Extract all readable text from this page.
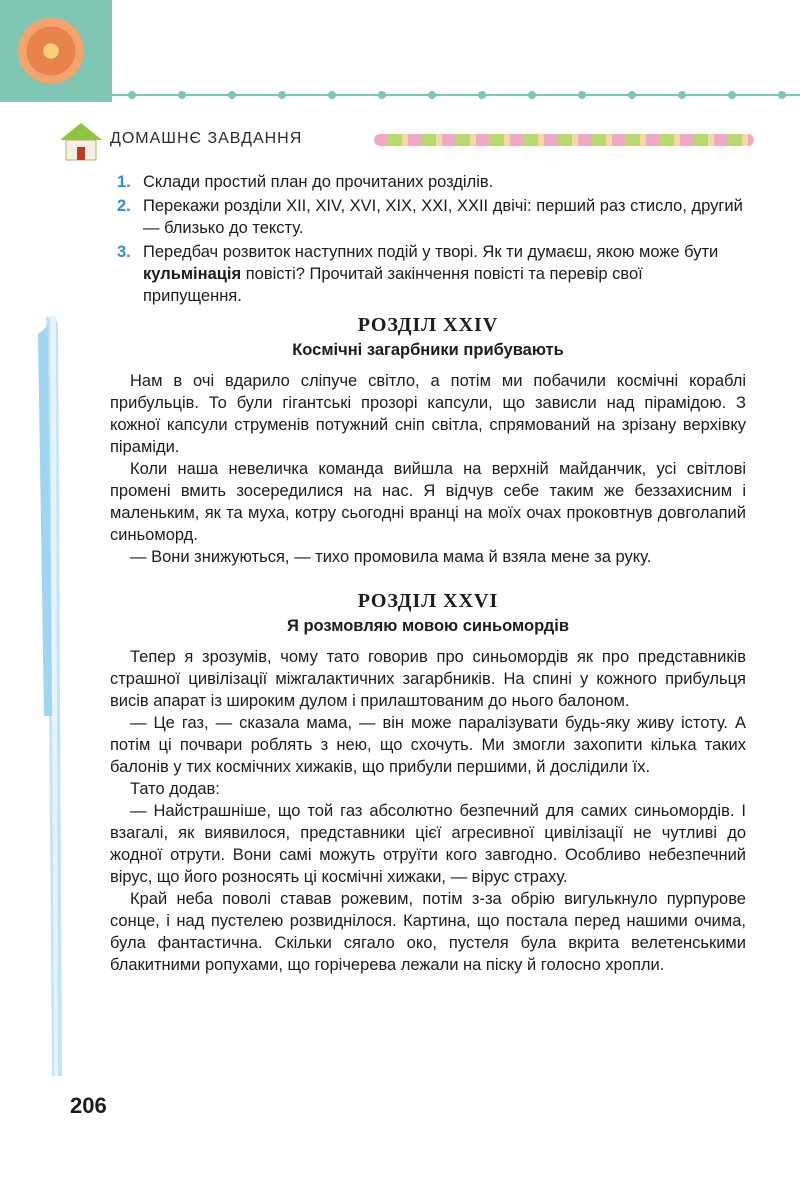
ДОМАШНЄ ЗАВДАННЯ
1. Склади простий план до прочитаних розділів.
2. Перекажи розділи XII, XIV, XVI, XIX, XXI, XXII двічі: перший раз стисло, другий — близько до тексту.
3. Передбач розвиток наступних подій у творі. Як ти думаєш, якою може бути кульмінація повісті? Прочитай закінчення повісті та перевір свої припущення.
РОЗДІЛ XXIV
Космічні загарбники прибувають

Нам в очі вдарило сліпуче світло, а потім ми побачили космічні кораблі прибульців. То були гігантські прозорі капсули, що зависли над пірамідою. З кожної капсули струменів потужний сніп світла, спрямований на зрізану верхівку піраміди.

Коли наша невеличка команда вийшла на верхній майданчик, усі світлові промені вмить зосередилися на нас. Я відчув себе таким же беззахисним і маленьким, як та муха, котру сьогодні вранці на моїх очах проковтнув довголапий синьоморд.

— Вони знижуються, — тихо промовила мама й взяла мене за руку.

РОЗДІЛ XXVI
Я розмовляю мовою синьомордів

Тепер я зрозумів, чому тато говорив про синьомордів як про представників страшної цивілізації міжгалактичних загарбників. На спині у кожного прибульця висів апарат із широким дулом і прилаштованим до нього балоном.

— Це газ, — сказала мама, — він може паралізувати будь-яку живу істоту. А потім ці почвари роблять з нею, що схочуть. Ми змогли захопити кілька таких балонів у тих космічних хижаків, що прибули першими, й дослідили їх.

Тато додав:

— Найстрашніше, що той газ абсолютно безпечний для самих синьомордів. І взагалі, як виявилося, представники цієї агресивної цивілізації не чутливі до жодної отрути. Вони самі можуть отруїти кого завгодно. Особливо небезпечний вірус, що його розносять ці космічні хижаки, — вірус страху.

Край неба поволі ставав рожевим, потім з-за обрію вигулькнуло пурпурове сонце, і над пустелею розвиднілося. Картина, що постала перед нашими очима, була фантастична. Скільки сягало око, пустеля була вкрита велетенськими блакитними ропухами, що горічерева лежали на піску й голосно хропли.

206
